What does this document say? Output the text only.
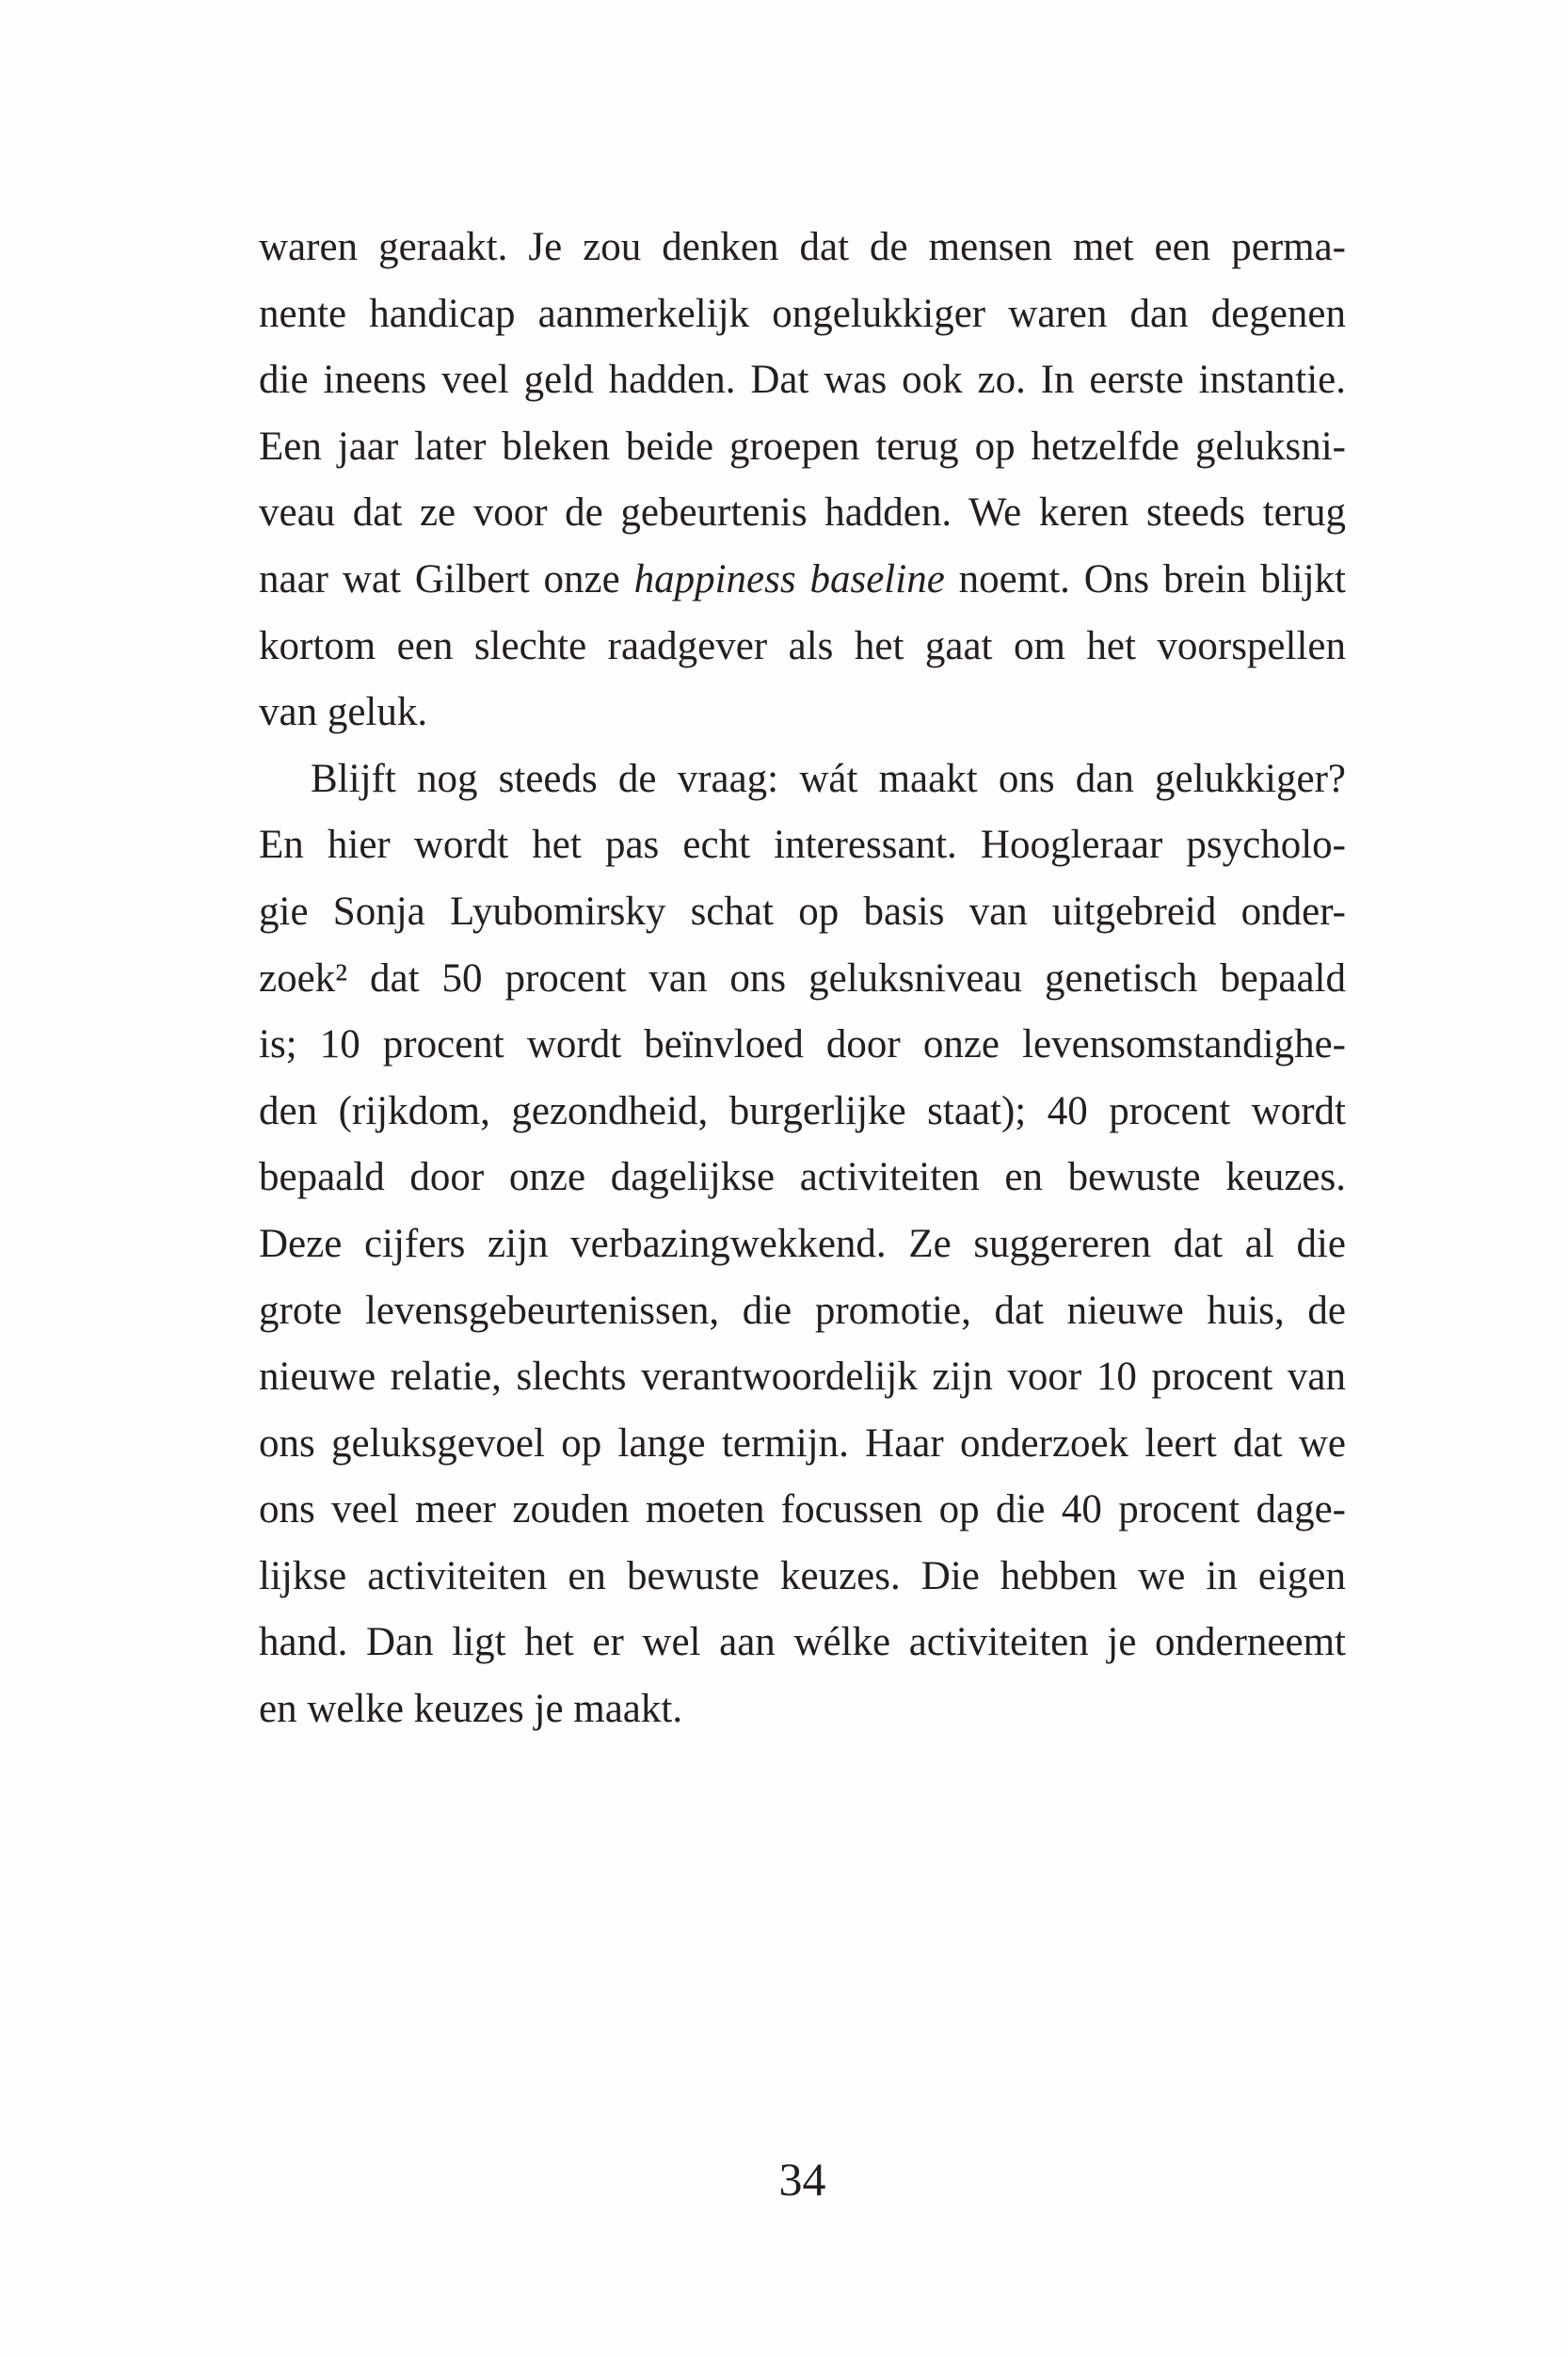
waren geraakt. Je zou denken dat de mensen met een perma-
nente handicap aanmerkelijk ongelukkiger waren dan degenen
die ineens veel geld hadden. Dat was ook zo. In eerste instantie.
Een jaar later bleken beide groepen terug op hetzelfde geluksni-
veau dat ze voor de gebeurtenis hadden. We keren steeds terug
naar wat Gilbert onze happiness baseline noemt. Ons brein blijkt
kortom een slechte raadgever als het gaat om het voorspellen
van geluk.
Blijft nog steeds de vraag: wát maakt ons dan gelukkiger?
En hier wordt het pas echt interessant. Hoogleraar psycholo-
gie Sonja Lyubomirsky schat op basis van uitgebreid onder-
zoek² dat 50 procent van ons geluksniveau genetisch bepaald
is; 10 procent wordt beïnvloed door onze levensomstandighe-
den (rijkdom, gezondheid, burgerlijke staat); 40 procent wordt
bepaald door onze dagelijkse activiteiten en bewuste keuzes.
Deze cijfers zijn verbazingwekkend. Ze suggereren dat al die
grote levensgebeurtenissen, die promotie, dat nieuwe huis, de
nieuwe relatie, slechts verantwoordelijk zijn voor 10 procent van
ons geluksgevoel op lange termijn. Haar onderzoek leert dat we
ons veel meer zouden moeten focussen op die 40 procent dage-
lijkse activiteiten en bewuste keuzes. Die hebben we in eigen
hand. Dan ligt het er wel aan wélke activiteiten je onderneemt
en welke keuzes je maakt.
34
